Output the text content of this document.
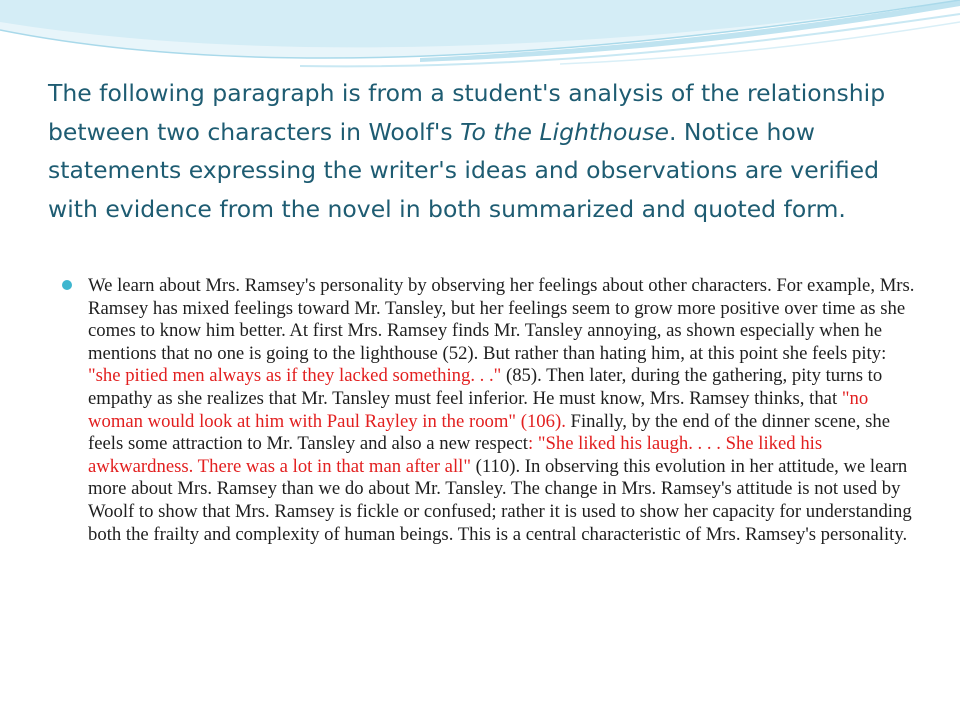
The following paragraph is from a student's analysis of the relationship between two characters in Woolf's To the Lighthouse. Notice how statements expressing the writer's ideas and observations are verified with evidence from the novel in both summarized and quoted form.
We learn about Mrs. Ramsey's personality by observing her feelings about other characters. For example, Mrs. Ramsey has mixed feelings toward Mr. Tansley, but her feelings seem to grow more positive over time as she comes to know him better. At first Mrs. Ramsey finds Mr. Tansley annoying, as shown especially when he mentions that no one is going to the lighthouse (52). But rather than hating him, at this point she feels pity: "she pitied men always as if they lacked something. . ." (85). Then later, during the gathering, pity turns to empathy as she realizes that Mr. Tansley must feel inferior. He must know, Mrs. Ramsey thinks, that "no woman would look at him with Paul Rayley in the room" (106). Finally, by the end of the dinner scene, she feels some attraction to Mr. Tansley and also a new respect: "She liked his laugh. . . . She liked his awkwardness. There was a lot in that man after all" (110). In observing this evolution in her attitude, we learn more about Mrs. Ramsey than we do about Mr. Tansley. The change in Mrs. Ramsey's attitude is not used by Woolf to show that Mrs. Ramsey is fickle or confused; rather it is used to show her capacity for understanding both the frailty and complexity of human beings. This is a central characteristic of Mrs. Ramsey's personality.
